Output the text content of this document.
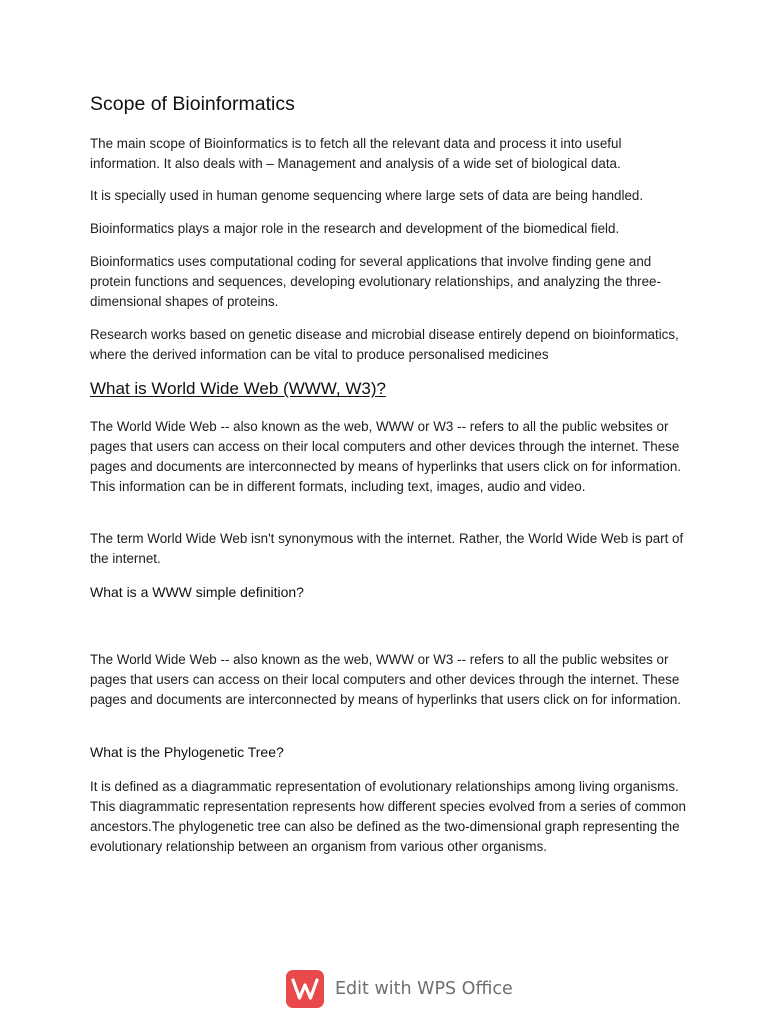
Scope of Bioinformatics

The main scope of Bioinformatics is to fetch all the relevant data and process it into useful information. It also deals with – Management and analysis of a wide set of biological data.

It is specially used in human genome sequencing where large sets of data are being handled.

Bioinformatics plays a major role in the research and development of the biomedical field.

Bioinformatics uses computational coding for several applications that involve finding gene and protein functions and sequences, developing evolutionary relationships, and analyzing the three-dimensional shapes of proteins.

Research works based on genetic disease and microbial disease entirely depend on bioinformatics, where the derived information can be vital to produce personalised medicines

What is World Wide Web (WWW, W3)?

The World Wide Web -- also known as the web, WWW or W3 -- refers to all the public websites or pages that users can access on their local computers and other devices through the internet. These pages and documents are interconnected by means of hyperlinks that users click on for information. This information can be in different formats, including text, images, audio and video.

The term World Wide Web isn't synonymous with the internet. Rather, the World Wide Web is part of the internet.

What is a WWW simple definition?

The World Wide Web -- also known as the web, WWW or W3 -- refers to all the public websites or pages that users can access on their local computers and other devices through the internet. These pages and documents are interconnected by means of hyperlinks that users click on for information.

What is the Phylogenetic Tree?

It is defined as a diagrammatic representation of evolutionary relationships among living organisms. This diagrammatic representation represents how different species evolved from a series of common ancestors.The phylogenetic tree can also be defined as the two-dimensional graph representing the evolutionary relationship between an organism from various other organisms.

Edit with WPS Office
